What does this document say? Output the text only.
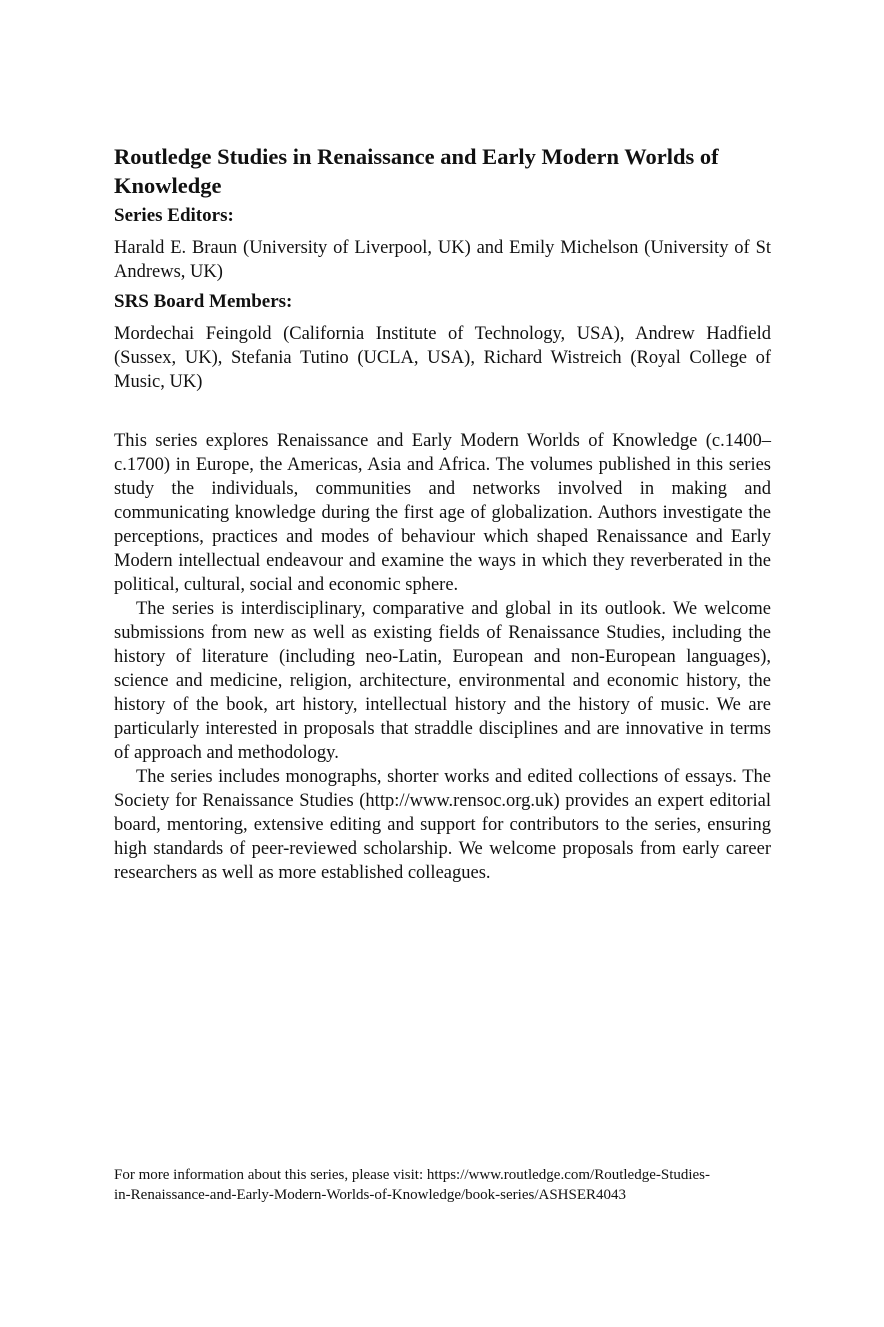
Routledge Studies in Renaissance and Early Modern Worlds of Knowledge
Series Editors:

Harald E. Braun (University of Liverpool, UK) and Emily Michelson (University of St Andrews, UK)

SRS Board Members:

Mordechai Feingold (California Institute of Technology, USA), Andrew Hadfield (Sussex, UK), Stefania Tutino (UCLA, USA), Richard Wistreich (Royal College of Music, UK)

This series explores Renaissance and Early Modern Worlds of Knowledge (c.1400–c.1700) in Europe, the Americas, Asia and Africa. The volumes published in this series study the individuals, communities and networks involved in making and communicating knowledge during the first age of globalization. Authors investigate the perceptions, practices and modes of behaviour which shaped Renaissance and Early Modern intellectual endeavour and examine the ways in which they reverberated in the political, cultural, social and economic sphere.

The series is interdisciplinary, comparative and global in its outlook. We welcome submissions from new as well as existing fields of Renaissance Studies, including the history of literature (including neo-Latin, European and non-European languages), science and medicine, religion, architecture, environmental and economic history, the history of the book, art history, intellectual history and the history of music. We are particularly interested in proposals that straddle disciplines and are innovative in terms of approach and methodology.

The series includes monographs, shorter works and edited collections of essays. The Society for Renaissance Studies (http://www.rensoc.org.uk) provides an expert editorial board, mentoring, extensive editing and support for contributors to the series, ensuring high standards of peer-reviewed scholarship. We welcome proposals from early career researchers as well as more established colleagues.

For more information about this series, please visit: https://www.routledge.com/Routledge-Studies-
in-Renaissance-and-Early-Modern-Worlds-of-Knowledge/book-series/ASHSER4043
